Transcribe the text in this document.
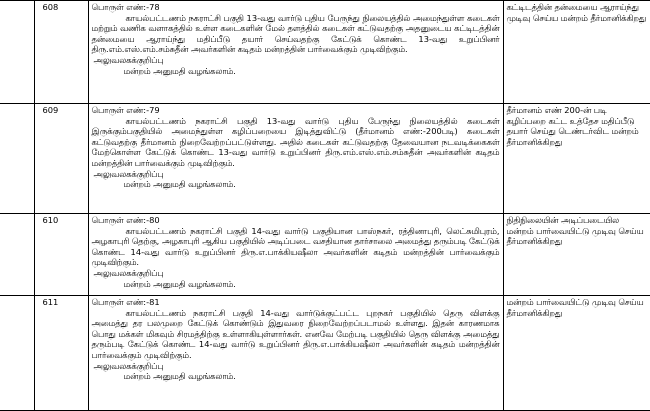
	608	பொருள் எண்:-78
காயல்பட்டணம் நகராட்சி பகுதி 13-வது வார்டு புதிய பேருந்து நிலையத்தில் அமைந்துள்ள கடைகள் மற்றும் வணிக வளாகத்தில் உள்ள கடைகளின் மேல் தளத்தில் கடைகள் கட்டுவதற்கு அதனுடைய கட்டிடத்தின் தன்மையை ஆராய்ந்து மதிப்பீடு தயார் செய்வதற்கு கேட்டுக் கொண்ட 13-வது உறுப்பினர் திரு.எம்.எஸ்.எம்.சம்சுதீன் அவர்களின் கடிதம் மன்றத்தின் பார்வைக்கும் முடிவிற்கும்.
அலுவலகக்குறிப்பு
மன்றம் அனுமதி வழங்கலாம்.	கட்டிடத்தின் தன்மையை ஆராய்ந்து முடிவு செய்ய மன்றம் தீர்மானிக்கிறது
	609	பொருள் எண்:-79
காயல்பட்டணம் நகராட்சி பகுதி 13-வது வார்டு புதிய பேருந்து நிலையத்தில் கடைகள் இருக்கும்பகுதியில் அமைந்துள்ள கழிப்பறையை இடித்துவிட்டு (தீர்மானம் எண்:-200படி) கடைகள் கட்டுவதற்கு தீர்மானம் நிறைவேற்றப்பட்டுள்ளது. அதில் கடைகள் கட்டுவதற்கு தேவையான நடவடிக்கைகள் மேற்கொள்ள கேட்டுக் கொண்ட 13-வது வார்டு உறுப்பினர் திரு.எம்.எஸ்.எம்.சம்சுதீன் அவர்களின் கடிதம் மன்றத்தின் பார்வைக்கும் முடிவிற்கும்.
அலுவலகக்குறிப்பு
மன்றம் அனுமதி வழங்கலாம்.	தீர்மானம் எண் 200-ன் படி கழிப்பறை கட்ட உத்தேச மதிப்பீடு தயார் செய்து டெண்டர்விட மன்றம் தீர்மானிக்கிறது
	610	பொருள் எண்:-80
காயல்பட்டணம் நகராட்சி பகுதி 14-வது வார்டு பகுதியான பாஸ்நகர், ரத்தினாபுரி, லெட்சுமிபுரம், அழகாபுரி தெற்கு, அழகாபுரி ஆகிய பகுதியில் அடிப்படை வசதியான தார்சாலை அமைத்து தரும்படி கேட்டுக் கொண்ட 14-வது வார்டு உறுப்பினர் திரு.எ.பாக்கியஷீலா அவர்களின் கடிதம் மன்றத்தின் பார்வைக்கும் முடிவிற்கும்.
அலுவலகக்குறிப்பு
மன்றம் அனுமதி வழங்கலாம்.	நிதிநிலையின் அடிப்படையில மன்றம் பார்வையிட்டு முடிவு செய்ய தீர்மானிக்கிறது
	611	பொருள் எண்:-81
காயல்பட்டணம் நகராட்சி பகுதி 14-வது வார்டுக்குட்பட்ட புறநகர் பகுதியில் தெரு விளக்கு அமைத்து தர பலமுறை கேட்டுக் கொண்டும் இதுவரை நிறைவேற்றப்படாமல் உள்ளது. இதன் காரணமாக பொது மக்கள் மிகவும் சிரமத்திற்கு உள்ளாகியுள்ளார்கள். எனவே மேற்படி பகுதியில் தெரு விளக்கு அமைத்து தரும்படி கேட்டுக் கொண்ட 14-வது வார்டு உறுப்பினர் திரு.எ.பாக்கியஷீலா அவர்களின் கடிதம் மன்றத்தின் பார்வைக்கும் முடிவிற்கும்.
அலுவலகக்குறிப்பு
மன்றம் அனுமதி வழங்கலாம்.	மன்றம் பார்வையிட்டு முடிவு செய்ய தீர்மானிக்கிறது
